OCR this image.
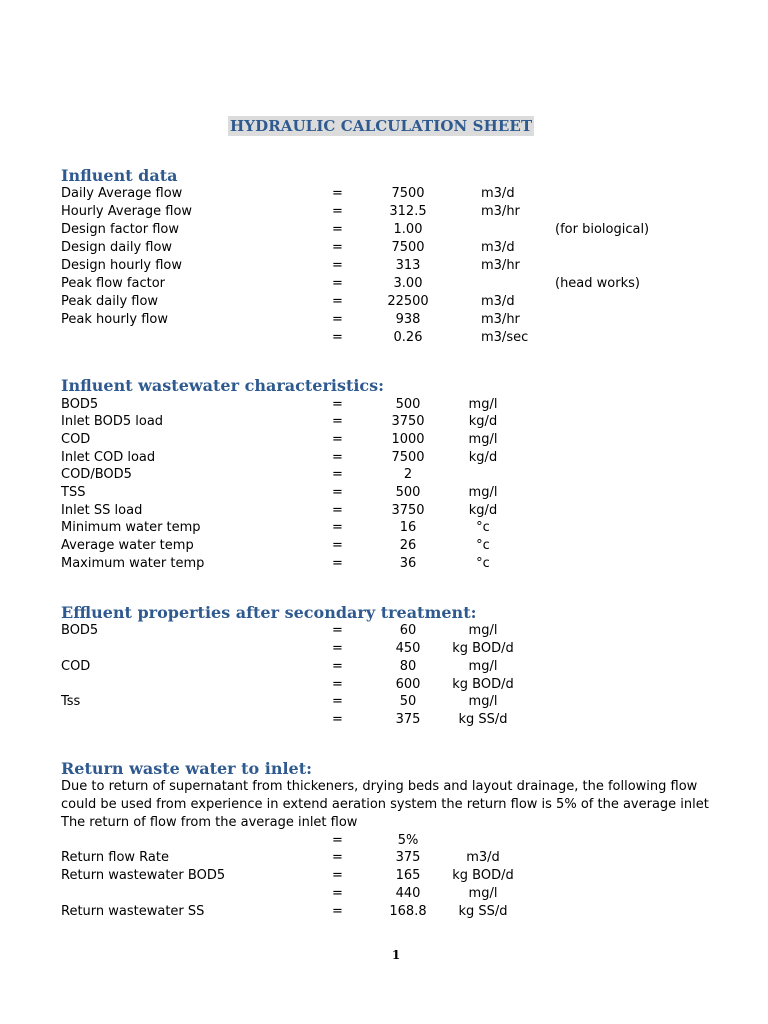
HYDRAULIC CALCULATION SHEET
Influent data
Daily Average flow	=	7500	m3/d
Hourly Average flow	=	312.5	m3/hr
Design factor flow	=	1.00	(for biological)
Design daily flow	=	7500	m3/d
Design hourly flow	=	313	m3/hr
Peak flow factor	=	3.00	(head works)
Peak daily flow	=	22500	m3/d
Peak hourly flow	=	938	m3/hr
=	0.26	m3/sec
Influent wastewater characteristics:
BOD5	=	500	mg/l
Inlet BOD5 load	=	3750	kg/d
COD	=	1000	mg/l
Inlet COD load	=	7500	kg/d
COD/BOD5	=	2
TSS	=	500	mg/l
Inlet SS load	=	3750	kg/d
Minimum water temp	=	16	°c
Average water temp	=	26	°c
Maximum water temp	=	36	°c
Effluent properties after secondary treatment:
BOD5	=	60	mg/l
=	450	kg BOD/d
COD	=	80	mg/l
=	600	kg BOD/d
Tss	=	50	mg/l
=	375	kg SS/d
Return waste water to inlet:
Due to return of supernatant from thickeners, drying beds and layout drainage, the following flow
could be used from experience in extend aeration system the return flow is 5% of the average inlet
The return of flow from the average inlet flow
=	5%
Return flow Rate	=	375	m3/d
Return wastewater BOD5	=	165	kg BOD/d
=	440	mg/l
Return wastewater SS	=	168.8	kg SS/d
1
